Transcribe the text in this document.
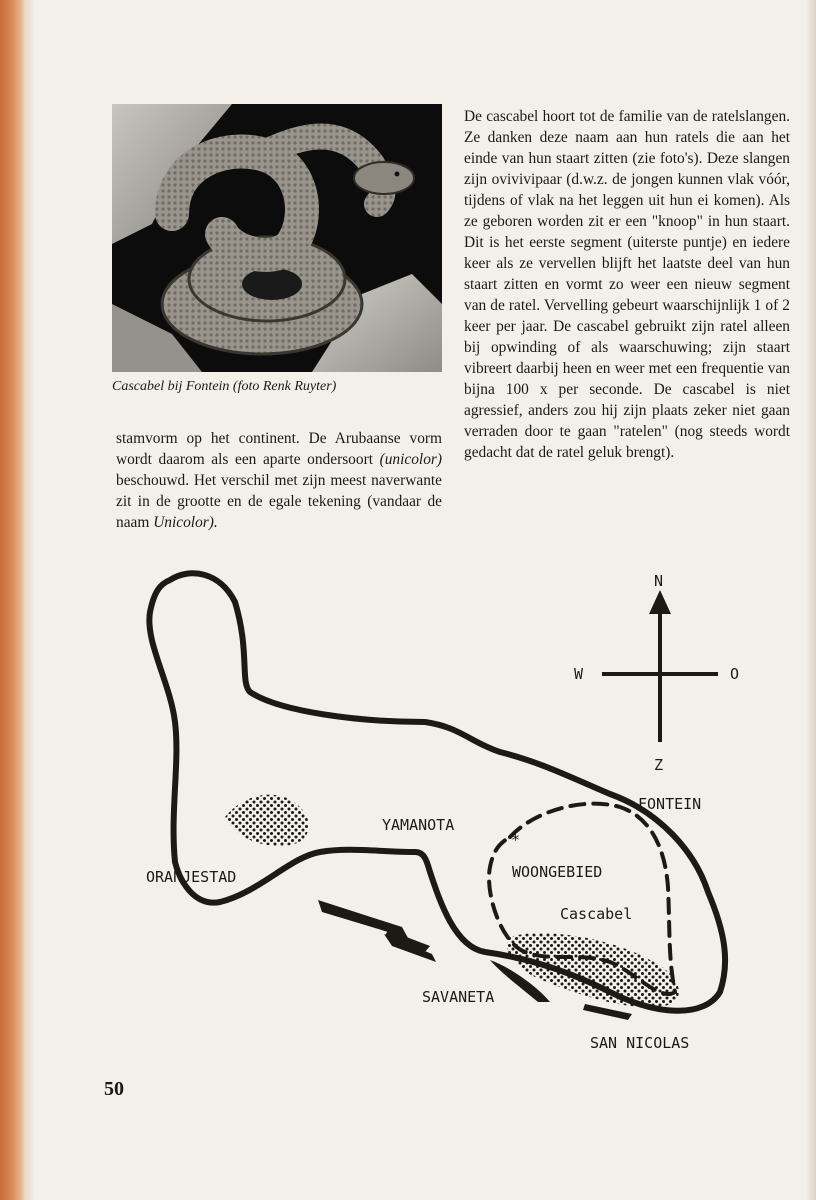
Cascabel bij Fontein (foto Renk Ruyter)

stamvorm op het continent. De Arubaanse vorm wordt daarom als een aparte ondersoort (unicolor) beschouwd. Het verschil met zijn meest naverwante zit in de grootte en de egale tekening (vandaar de naam Unicolor).

De cascabel hoort tot de familie van de ratelslangen. Ze danken deze naam aan hun ratels die aan het einde van hun staart zitten (zie foto's). Deze slangen zijn ovivivipaar (d.w.z. de jongen kunnen vlak vóór, tijdens of vlak na het leggen uit hun ei komen). Als ze geboren worden zit er een "knoop" in hun staart. Dit is het eerste segment (uiterste puntje) en iedere keer als ze vervellen blijft het laatste deel van hun staart zitten en vormt zo weer een nieuw segment van de ratel. Vervelling gebeurt waarschijnlijk 1 of 2 keer per jaar. De cascabel gebruikt zijn ratel alleen bij opwinding of als waarschuwing; zijn staart vibreert daarbij heen en weer met een frequentie van bijna 100 x per seconde. De cascabel is niet agressief, anders zou hij zijn plaats zeker niet gaan verraden door te gaan "ratelen" (nog steeds wordt gedacht dat de ratel geluk brengt).

*
N
W	O
Z
FONTEIN
YAMANOTA
ORANJESTAD	WOONGEBIED
Cascabel
SAVANETA
SAN NICOLAS
50
